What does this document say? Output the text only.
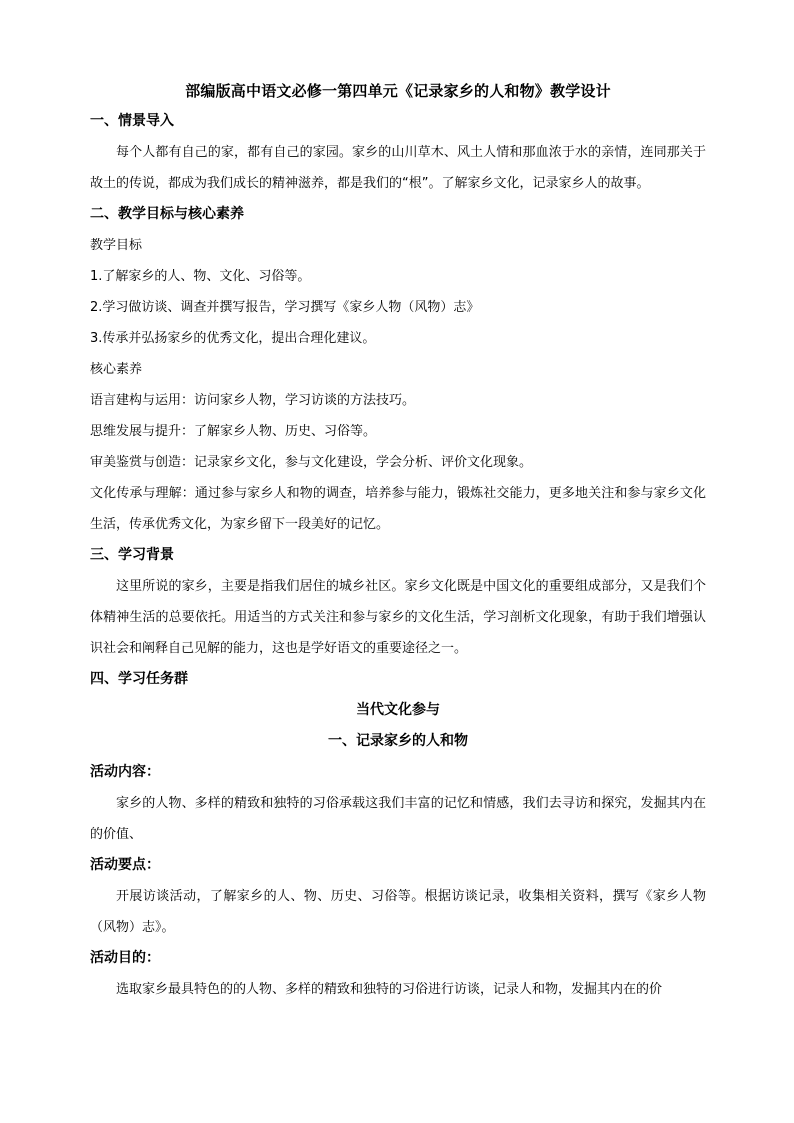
部编版高中语文必修一第四单元《记录家乡的人和物》教学设计

一、情景导入

每个人都有自己的家，都有自己的家园。家乡的山川草木、风土人情和那血浓于水的亲情，连同那关于故土的传说，都成为我们成长的精神滋养，都是我们的“根”。了解家乡文化，记录家乡人的故事。

二、教学目标与核心素养

教学目标

1.了解家乡的人、物、文化、习俗等。

2.学习做访谈、调查并撰写报告，学习撰写《家乡人物（风物）志》

3.传承并弘扬家乡的优秀文化，提出合理化建议。

核心素养

语言建构与运用：访问家乡人物，学习访谈的方法技巧。

思维发展与提升：了解家乡人物、历史、习俗等。

审美鉴赏与创造：记录家乡文化，参与文化建设，学会分析、评价文化现象。

文化传承与理解：通过参与家乡人和物的调查，培养参与能力，锻炼社交能力，更多地关注和参与家乡文化生活，传承优秀文化，为家乡留下一段美好的记忆。

三、学习背景

这里所说的家乡，主要是指我们居住的城乡社区。家乡文化既是中国文化的重要组成部分，又是我们个体精神生活的总要依托。用适当的方式关注和参与家乡的文化生活，学习剖析文化现象，有助于我们增强认识社会和阐释自己见解的能力，这也是学好语文的重要途径之一。

四、学习任务群

当代文化参与

一、记录家乡的人和物

活动内容：

家乡的人物、多样的精致和独特的习俗承载这我们丰富的记忆和情感，我们去寻访和探究，发掘其内在的价值、

活动要点：

开展访谈活动，了解家乡的人、物、历史、习俗等。根据访谈记录，收集相关资料，撰写《家乡人物（风物）志》。

活动目的：

选取家乡最具特色的的人物、多样的精致和独特的习俗进行访谈，记录人和物，发掘其内在的价
